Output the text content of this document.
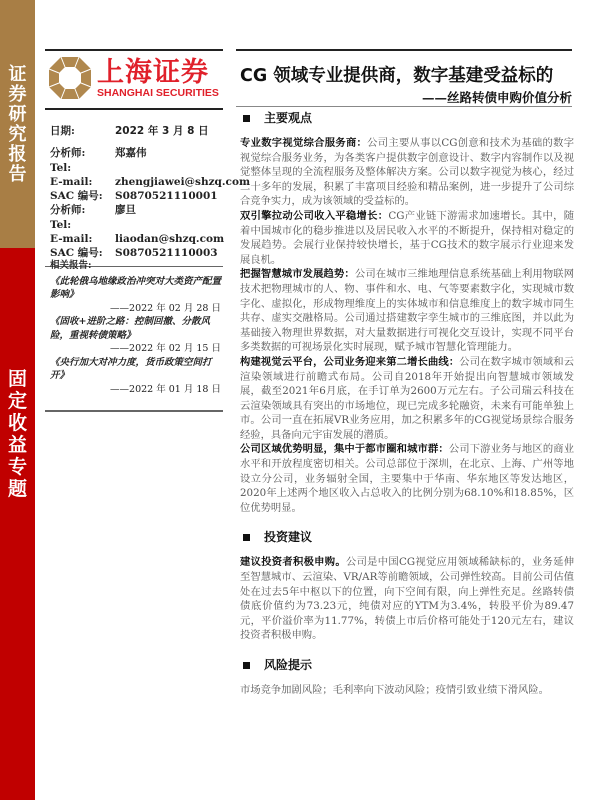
证券研究报告
固定收益专题
上海证券
SHANGHAI SECURITIES
日期:	2022 年 3 月 8 日
分析师:	郑嘉伟
Tel:
E-mail:	zhengjiawei@shzq.com
SAC 编号:	S0870521110001
分析师:	廖旦
Tel:
E-mail:	liaodan@shzq.com
SAC 编号:	S0870521110003
相关报告:
《此轮俄乌地缘政治冲突对大类资产配置影响》
——2022 年 02 月 28 日
《固收+进阶之路：控制回撤、分散风险，重视转债策略》
——2022 年 02 月 15 日
《央行加大对冲力度，货币政策空间打开》
——2022 年 01 月 18 日
CG 领域专业提供商，数字基建受益标的
——丝路转债申购价值分析
主要观点
专业数字视觉综合服务商：公司主要从事以CG创意和技术为基础的数字视觉综合服务业务，为各类客户提供数字创意设计、数字内容制作以及视觉整体呈现的全流程服务及整体解决方案。公司以数字视觉为核心，经过二十多年的发展，积累了丰富项目经验和精品案例，进一步提升了公司综合竞争实力，成为该领域的受益标的。
双引擎拉动公司收入平稳增长：CG产业链下游需求加速增长。其中，随着中国城市化的稳步推进以及居民收入水平的不断提升，保持相对稳定的发展趋势。会展行业保持较快增长，基于CG技术的数字展示行业迎来发展良机。
把握智慧城市发展趋势：公司在城市三维地理信息系统基础上利用物联网技术把物理城市的人、物、事件和水、电、气等要素数字化，实现城市数字化、虚拟化，形成物理维度上的实体城市和信息维度上的数字城市同生共存、虚实交融格局。公司通过搭建数字孪生城市的三维底图，并以此为基础接入物理世界数据，对大量数据进行可视化交互设计，实现不同平台多类数据的可视场景化实时展现，赋予城市智慧化管理能力。
构建视觉云平台，公司业务迎来第二增长曲线：公司在数字城市领域和云渲染领域进行前瞻式布局。公司自2018年开始提出向智慧城市领域发展，截至2021年6月底，在手订单为2600万元左右。子公司瑞云科技在云渲染领域具有突出的市场地位，现已完成多轮融资，未来有可能单独上市。公司一直在拓展VR业务应用，加之积累多年的CG视觉场景综合服务经验，具备向元宇宙发展的潜质。
公司区域优势明显，集中于都市圈和城市群：公司下游业务与地区的商业水平和开放程度密切相关。公司总部位于深圳，在北京、上海、广州等地设立分公司，业务辐射全国，主要集中于华南、华东地区等发达地区，2020年上述两个地区收入占总收入的比例分别为68.10%和18.85%，区位优势明显。
投资建议
建议投资者积极申购。公司是中国CG视觉应用领域稀缺标的，业务延伸至智慧城市、云渲染、VR/AR等前瞻领域，公司弹性较高。目前公司估值处在过去5年中枢以下的位置，向下空间有限，向上弹性充足。丝路转债债底价值约为73.23元，纯债对应的YTM为3.4%，转股平价为89.47元，平价溢价率为11.77%，转债上市后价格可能处于120元左右，建议投资者积极申购。
风险提示
市场竞争加剧风险；毛利率向下波动风险；疫情引致业绩下滑风险。
